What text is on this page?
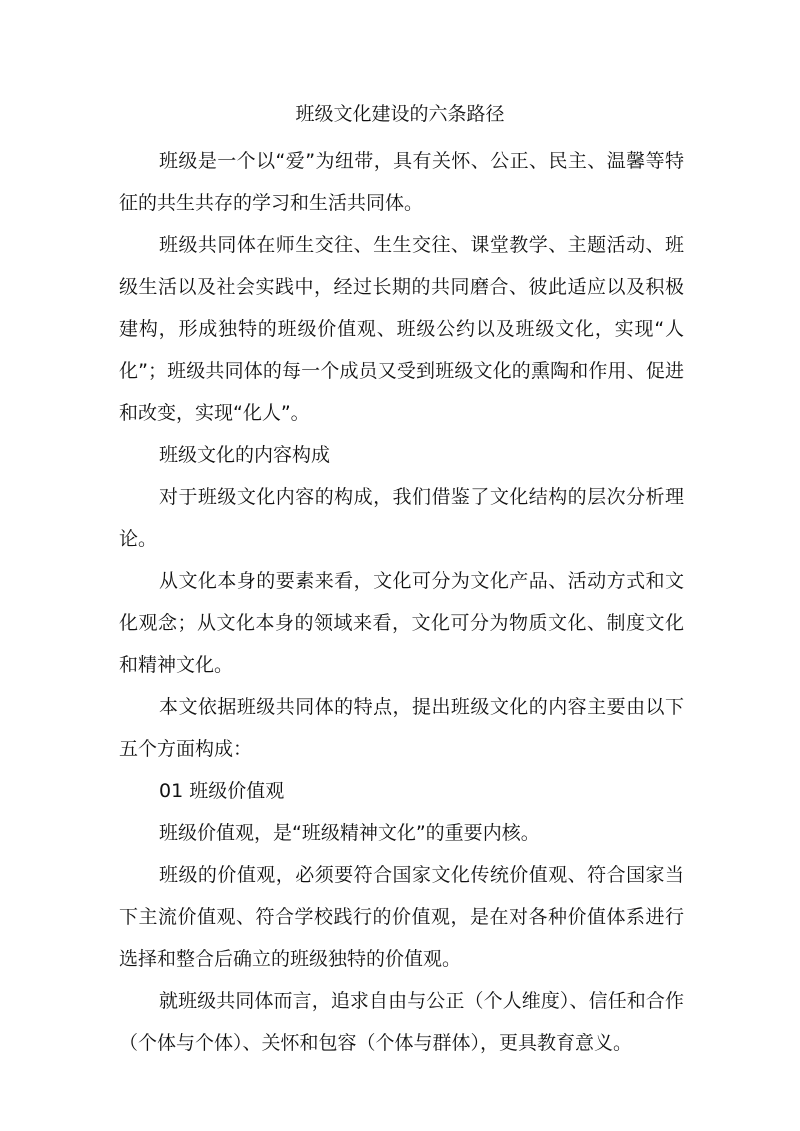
班级文化建设的六条路径

班级是一个以“爱”为纽带，具有关怀、公正、民主、温馨等特征的共生共存的学习和生活共同体。

班级共同体在师生交往、生生交往、课堂教学、主题活动、班级生活以及社会实践中，经过长期的共同磨合、彼此适应以及积极建构，形成独特的班级价值观、班级公约以及班级文化，实现“人化”；班级共同体的每一个成员又受到班级文化的熏陶和作用、促进和改变，实现“化人”。

班级文化的内容构成

对于班级文化内容的构成，我们借鉴了文化结构的层次分析理论。

从文化本身的要素来看，文化可分为文化产品、活动方式和文化观念；从文化本身的领域来看，文化可分为物质文化、制度文化和精神文化。

本文依据班级共同体的特点，提出班级文化的内容主要由以下五个方面构成：

01 班级价值观

班级价值观，是“班级精神文化”的重要内核。

班级的价值观，必须要符合国家文化传统价值观、符合国家当下主流价值观、符合学校践行的价值观，是在对各种价值体系进行选择和整合后确立的班级独特的价值观。

就班级共同体而言，追求自由与公正（个人维度）、信任和合作（个体与个体）、关怀和包容（个体与群体），更具教育意义。
